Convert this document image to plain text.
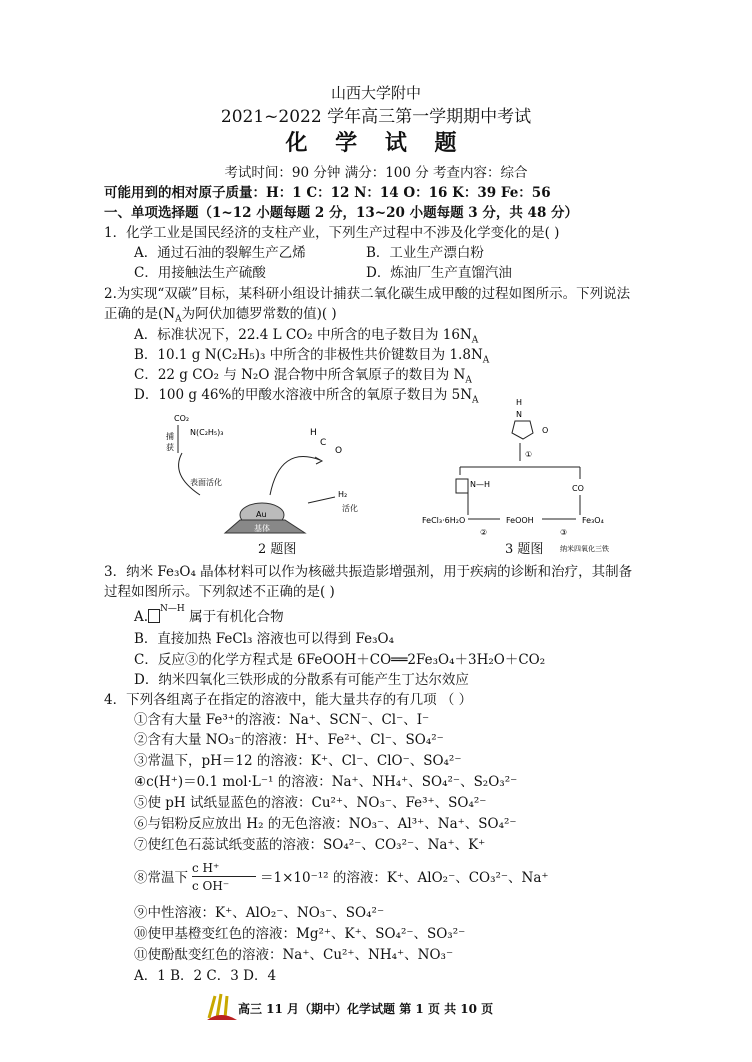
山西大学附中
2021~2022 学年高三第一学期期中考试
化 学 试 题
考试时间：90 分钟 满分：100 分 考查内容：综合
可能用到的相对原子质量：H：1 C：12 N：14 O：16 K：39 Fe：56
一、单项选择题（1~12 小题每题 2 分，13~20 小题每题 3 分，共 48 分）
1．化学工业是国民经济的支柱产业，下列生产过程中不涉及化学变化的是( )
A．通过石油的裂解生产乙烯	B．工业生产漂白粉
C．用接触法生产硫酸	D．炼油厂生产直馏汽油
2.为实现“双碳”目标，某科研小组设计捕获二氧化碳生成甲酸的过程如图所示。下列说法
正确的是($N_A$为阿伏加德罗常数的值)( )
A．标准状况下，22.4 L CO₂ 中所含的电子数目为 $16N_A$
B．10.1 g N(C₂H₅)₃ 中所含的非极性共价键数目为 $1.8N_A$
C．22 g CO₂ 与 N₂O 混合物中所含氧原子的数目为 $N_A$
D．100 g 46%的甲酸水溶液中所含的氧原子数目为 $5N_A$
CO₂
N(C₂H₅)₃
捕
获
表面活化
H
C
O
H₂
活化
Au
基体
2 题图
H
N
O
①
N—H	CO
FeCl₃·6H₂O	FeOOH	Fe₃O₄
②	③
纳米四氧化三铁
3 题图
3．纳米 Fe₃O₄ 晶体材料可以作为核磁共振造影增强剂，用于疾病的诊断和治疗，其制备
过程如图所示。下列叙述不正确的是( )
A. $^{N—H}$ 属于有机化合物
B．直接加热 FeCl₃ 溶液也可以得到 Fe₃O₄
C．反应③的化学方程式是 6FeOOH＋CO══2Fe₃O₄＋3H₂O＋CO₂
D．纳米四氧化三铁形成的分散系有可能产生丁达尔效应
4．下列各组离子在指定的溶液中，能大量共存的有几项 （ ）
①含有大量 Fe³⁺的溶液：Na⁺、SCN⁻、Cl⁻、I⁻
②含有大量 NO₃⁻的溶液：H⁺、Fe²⁺、Cl⁻、SO₄²⁻
③常温下，pH＝12 的溶液：K⁺、Cl⁻、ClO⁻、SO₄²⁻
④c(H⁺)＝0.1 mol·L⁻¹ 的溶液：Na⁺、NH₄⁺、SO₄²⁻、S₂O₃²⁻
⑤使 pH 试纸显蓝色的溶液：Cu²⁺、NO₃⁻、Fe³⁺、SO₄²⁻
⑥与铝粉反应放出 H₂ 的无色溶液：NO₃⁻、Al³⁺、Na⁺、SO₄²⁻
⑦使红色石蕊试纸变蓝的溶液：SO₄²⁻、CO₃²⁻、Na⁺、K⁺
⑧常温下
c H⁺
c OH⁻ ＝1×10⁻¹² 的溶液：K⁺、AlO₂⁻、CO₃²⁻、Na⁺
⑨中性溶液：K⁺、AlO₂⁻、NO₃⁻、SO₄²⁻
⑩使甲基橙变红色的溶液：Mg²⁺、K⁺、SO₄²⁻、SO₃²⁻
⑪使酚酞变红色的溶液：Na⁺、Cu²⁺、NH₄⁺、NO₃⁻
A．1 B．2 C．3 D．4
高三 11 月（期中）化学试题 第 1 页 共 10 页
